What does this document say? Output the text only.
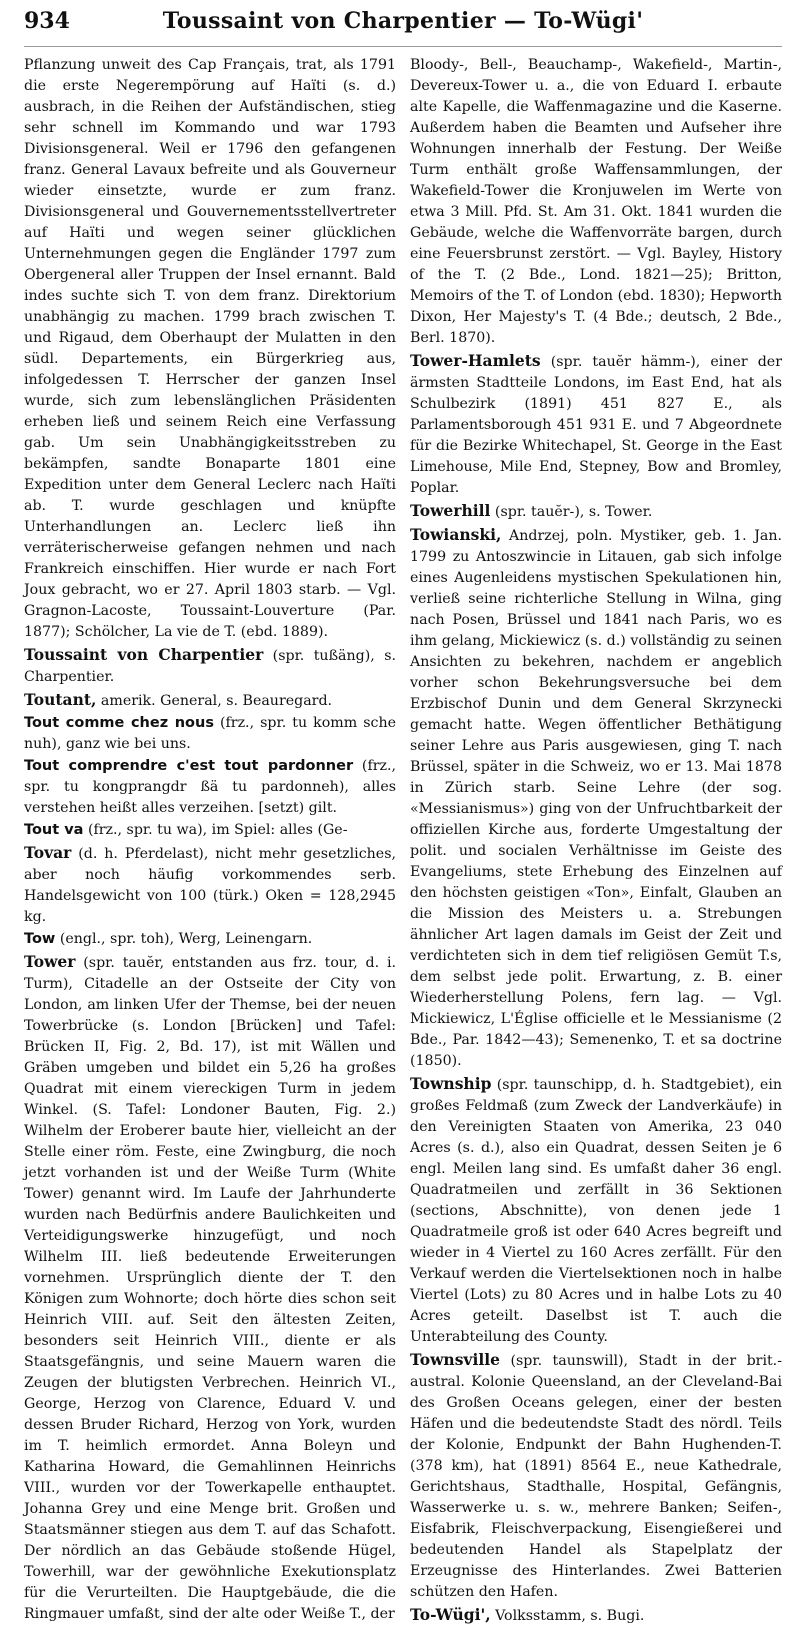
934	Toussaint von Charpentier — To-Wügi'

Pflanzung unweit des Cap Français, trat, als 1791 die erste Negerempörung auf Haïti (s. d.) ausbrach, in die Reihen der Aufständischen, stieg sehr schnell im Kommando und war 1793 Divisionsgeneral. Weil er 1796 den gefangenen franz. General Lavaux befreite und als Gouverneur wieder einsetzte, wurde er zum franz. Divisionsgeneral und Gouvernementsstellvertreter auf Haïti und wegen seiner glücklichen Unternehmungen gegen die Engländer 1797 zum Obergeneral aller Truppen der Insel ernannt. Bald indes suchte sich T. von dem franz. Direktorium unabhängig zu machen. 1799 brach zwischen T. und Rigaud, dem Oberhaupt der Mulatten in den südl. Departements, ein Bürgerkrieg aus, infolgedessen T. Herrscher der ganzen Insel wurde, sich zum lebenslänglichen Präsidenten erheben ließ und seinem Reich eine Verfassung gab. Um sein Unabhängigkeitsstreben zu bekämpfen, sandte Bonaparte 1801 eine Expedition unter dem General Leclerc nach Haïti ab. T. wurde geschlagen und knüpfte Unterhandlungen an. Leclerc ließ ihn verräterischerweise gefangen nehmen und nach Frankreich einschiffen. Hier wurde er nach Fort Joux gebracht, wo er 27. April 1803 starb. — Vgl. Gragnon-Lacoste, Toussaint-Louverture (Par. 1877); Schölcher, La vie de T. (ebd. 1889).

Toussaint von Charpentier (spr. tußäng), s. Charpentier.

Toutant, amerik. General, s. Beauregard.

Tout comme chez nous (frz., spr. tu komm sche nuh), ganz wie bei uns.

Tout comprendre c'est tout pardonner (frz., spr. tu kongprangdr ßä tu pardonneh), alles verstehen heißt alles verzeihen. [setzt) gilt.

Tout va (frz., spr. tu wa), im Spiel: alles (Ge-

Tovar (d. h. Pferdelast), nicht mehr gesetzliches, aber noch häufig vorkommendes serb. Handelsgewicht von 100 (türk.) Oken = 128,2945 kg.

Tow (engl., spr. toh), Werg, Leinengarn.

Tower (spr. tauĕr, entstanden aus frz. tour, d. i. Turm), Citadelle an der Ostseite der City von London, am linken Ufer der Themse, bei der neuen Towerbrücke (s. London [Brücken] und Tafel: Brücken II, Fig. 2, Bd. 17), ist mit Wällen und Gräben umgeben und bildet ein 5,26 ha großes Quadrat mit einem viereckigen Turm in jedem Winkel. (S. Tafel: Londoner Bauten, Fig. 2.) Wilhelm der Eroberer baute hier, vielleicht an der Stelle einer röm. Feste, eine Zwingburg, die noch jetzt vorhanden ist und der Weiße Turm (White Tower) genannt wird. Im Laufe der Jahrhunderte wurden nach Bedürfnis andere Baulichkeiten und Verteidigungswerke hinzugefügt, und noch Wilhelm III. ließ bedeutende Erweiterungen vornehmen. Ursprünglich diente der T. den Königen zum Wohnorte; doch hörte dies schon seit Heinrich VIII. auf. Seit den ältesten Zeiten, besonders seit Heinrich VIII., diente er als Staatsgefängnis, und seine Mauern waren die Zeugen der blutigsten Verbrechen. Heinrich VI., George, Herzog von Clarence, Eduard V. und dessen Bruder Richard, Herzog von York, wurden im T. heimlich ermordet. Anna Boleyn und Katharina Howard, die Gemahlinnen Heinrichs VIII., wurden vor der Towerkapelle enthauptet. Johanna Grey und eine Menge brit. Großen und Staatsmänner stiegen aus dem T. auf das Schafott. Der nördlich an das Gebäude stoßende Hügel, Towerhill, war der gewöhnliche Exekutionsplatz für die Verurteilten. Die Hauptgebäude, die die Ringmauer umfaßt, sind der alte oder Weiße T., der

Bloody-, Bell-, Beauchamp-, Wakefield-, Martin-, Devereux-Tower u. a., die von Eduard I. erbaute alte Kapelle, die Waffenmagazine und die Kaserne. Außerdem haben die Beamten und Aufseher ihre Wohnungen innerhalb der Festung. Der Weiße Turm enthält große Waffensammlungen, der Wakefield-Tower die Kronjuwelen im Werte von etwa 3 Mill. Pfd. St. Am 31. Okt. 1841 wurden die Gebäude, welche die Waffenvorräte bargen, durch eine Feuersbrunst zerstört. — Vgl. Bayley, History of the T. (2 Bde., Lond. 1821—25); Britton, Memoirs of the T. of London (ebd. 1830); Hepworth Dixon, Her Majesty's T. (4 Bde.; deutsch, 2 Bde., Berl. 1870).

Tower-Hamlets (spr. tauĕr hämm-), einer der ärmsten Stadtteile Londons, im East End, hat als Schulbezirk (1891) 451 827 E., als Parlamentsborough 451 931 E. und 7 Abgeordnete für die Bezirke Whitechapel, St. George in the East Limehouse, Mile End, Stepney, Bow and Bromley, Poplar.

Towerhill (spr. tauĕr-), s. Tower.

Towianski, Andrzej, poln. Mystiker, geb. 1. Jan. 1799 zu Antoszwincie in Litauen, gab sich infolge eines Augenleidens mystischen Spekulationen hin, verließ seine richterliche Stellung in Wilna, ging nach Posen, Brüssel und 1841 nach Paris, wo es ihm gelang, Mickiewicz (s. d.) vollständig zu seinen Ansichten zu bekehren, nachdem er angeblich vorher schon Bekehrungsversuche bei dem Erzbischof Dunin und dem General Skrzynecki gemacht hatte. Wegen öffentlicher Bethätigung seiner Lehre aus Paris ausgewiesen, ging T. nach Brüssel, später in die Schweiz, wo er 13. Mai 1878 in Zürich starb. Seine Lehre (der sog. «Messianismus») ging von der Unfruchtbarkeit der offiziellen Kirche aus, forderte Umgestaltung der polit. und socialen Verhältnisse im Geiste des Evangeliums, stete Erhebung des Einzelnen auf den höchsten geistigen «Ton», Einfalt, Glauben an die Mission des Meisters u. a. Strebungen ähnlicher Art lagen damals im Geist der Zeit und verdichteten sich in dem tief religiösen Gemüt T.s, dem selbst jede polit. Erwartung, z. B. einer Wiederherstellung Polens, fern lag. — Vgl. Mickiewicz, L'Église officielle et le Messianisme (2 Bde., Par. 1842—43); Semenenko, T. et sa doctrine (1850).

Township (spr. taunschipp, d. h. Stadtgebiet), ein großes Feldmaß (zum Zweck der Landverkäufe) in den Vereinigten Staaten von Amerika, 23 040 Acres (s. d.), also ein Quadrat, dessen Seiten je 6 engl. Meilen lang sind. Es umfaßt daher 36 engl. Quadratmeilen und zerfällt in 36 Sektionen (sections, Abschnitte), von denen jede 1 Quadratmeile groß ist oder 640 Acres begreift und wieder in 4 Viertel zu 160 Acres zerfällt. Für den Verkauf werden die Viertelsektionen noch in halbe Viertel (Lots) zu 80 Acres und in halbe Lots zu 40 Acres geteilt. Daselbst ist T. auch die Unterabteilung des County.

Townsville (spr. taunswill), Stadt in der brit.-austral. Kolonie Queensland, an der Cleveland-Bai des Großen Oceans gelegen, einer der besten Häfen und die bedeutendste Stadt des nördl. Teils der Kolonie, Endpunkt der Bahn Hughenden-T. (378 km), hat (1891) 8564 E., neue Kathedrale, Gerichtshaus, Stadthalle, Hospital, Gefängnis, Wasserwerke u. s. w., mehrere Banken; Seifen-, Eisfabrik, Fleischverpackung, Eisengießerei und bedeutenden Handel als Stapelplatz der Erzeugnisse des Hinterlandes. Zwei Batterien schützen den Hafen.

To-Wügi', Volksstamm, s. Bugi.
